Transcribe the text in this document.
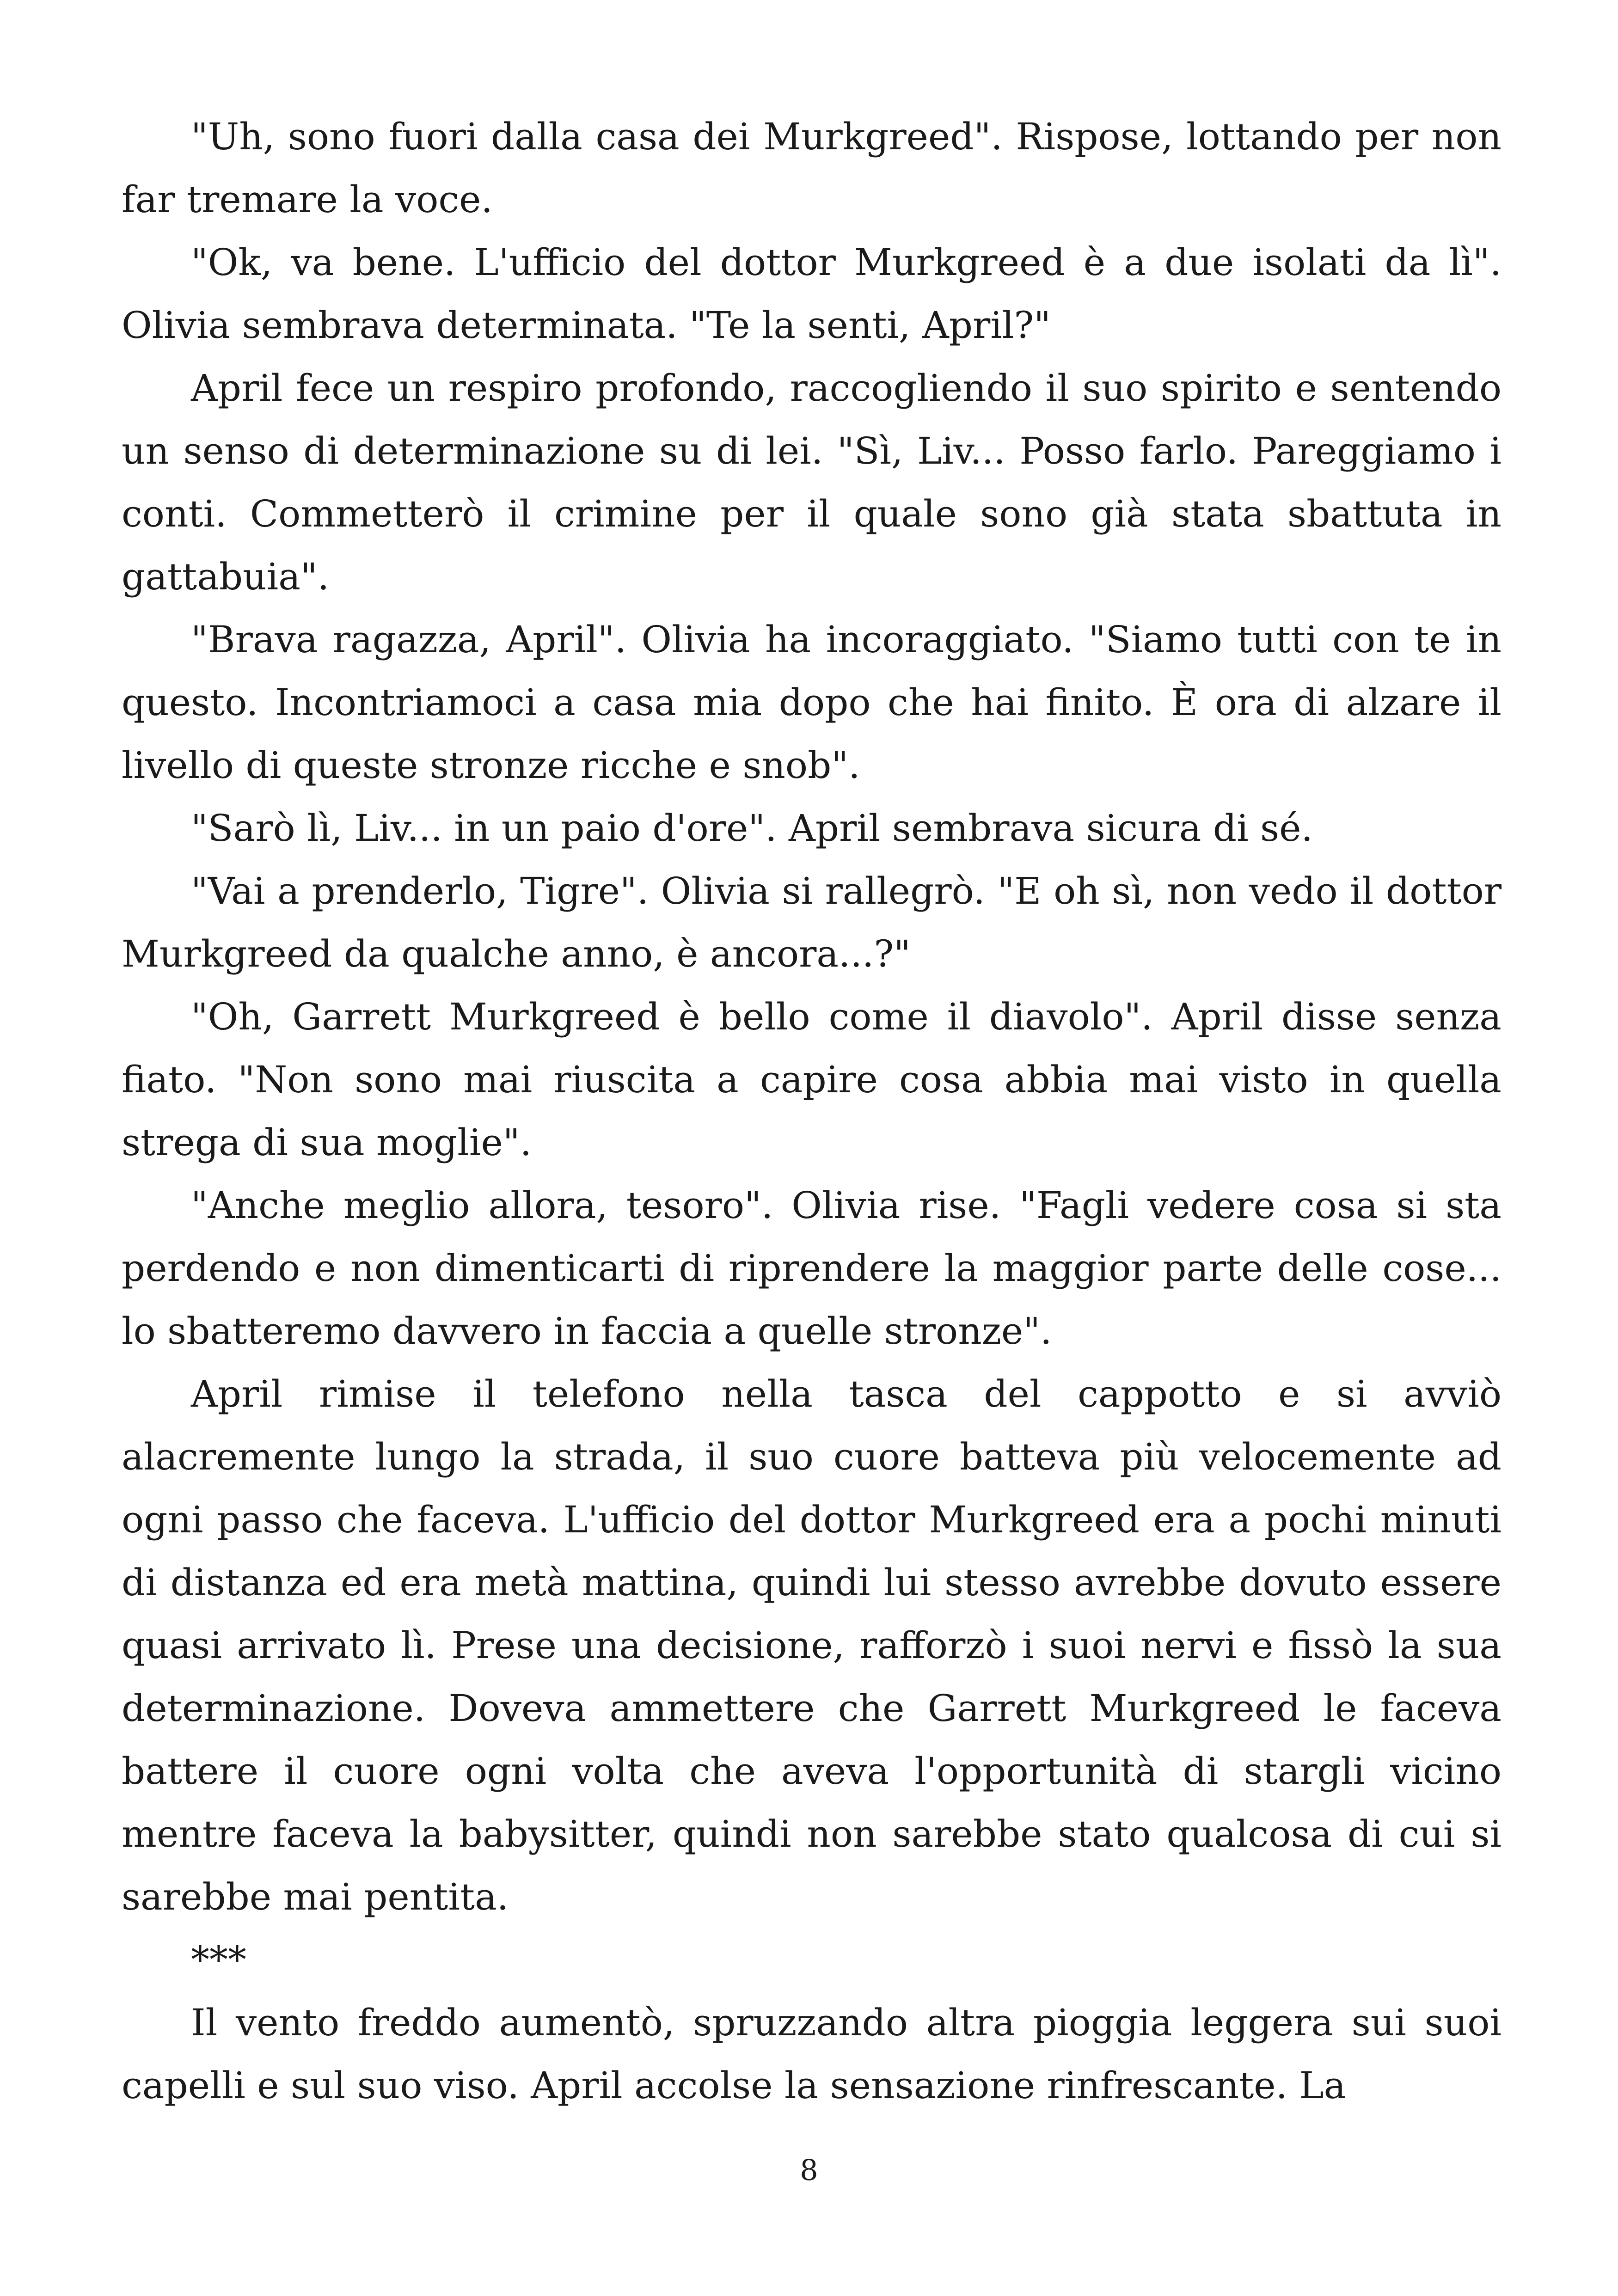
"Uh, sono fuori dalla casa dei Murkgreed". Rispose, lottando per non far tremare la voce.

"Ok, va bene. L'ufficio del dottor Murkgreed è a due isolati da lì". Olivia sembrava determinata. "Te la senti, April?"

April fece un respiro profondo, raccogliendo il suo spirito e sentendo un senso di determinazione su di lei. "Sì, Liv... Posso farlo. Pareggiamo i conti. Commetterò il crimine per il quale sono già stata sbattuta in gattabuia".

"Brava ragazza, April". Olivia ha incoraggiato. "Siamo tutti con te in questo. Incontriamoci a casa mia dopo che hai finito. È ora di alzare il livello di queste stronze ricche e snob".

"Sarò lì, Liv... in un paio d'ore". April sembrava sicura di sé.

"Vai a prenderlo, Tigre". Olivia si rallegrò. "E oh sì, non vedo il dottor Murkgreed da qualche anno, è ancora...?"

"Oh, Garrett Murkgreed è bello come il diavolo". April disse senza fiato. "Non sono mai riuscita a capire cosa abbia mai visto in quella strega di sua moglie".

"Anche meglio allora, tesoro". Olivia rise. "Fagli vedere cosa si sta perdendo e non dimenticarti di riprendere la maggior parte delle cose... lo sbatteremo davvero in faccia a quelle stronze".

April rimise il telefono nella tasca del cappotto e si avviò alacremente lungo la strada, il suo cuore batteva più velocemente ad ogni passo che faceva. L'ufficio del dottor Murkgreed era a pochi minuti di distanza ed era metà mattina, quindi lui stesso avrebbe dovuto essere quasi arrivato lì. Prese una decisione, rafforzò i suoi nervi e fissò la sua determinazione. Doveva ammettere che Garrett Murkgreed le faceva battere il cuore ogni volta che aveva l'opportunità di stargli vicino mentre faceva la babysitter, quindi non sarebbe stato qualcosa di cui si sarebbe mai pentita.

***

Il vento freddo aumentò, spruzzando altra pioggia leggera sui suoi capelli e sul suo viso. April accolse la sensazione rinfrescante. La

8
